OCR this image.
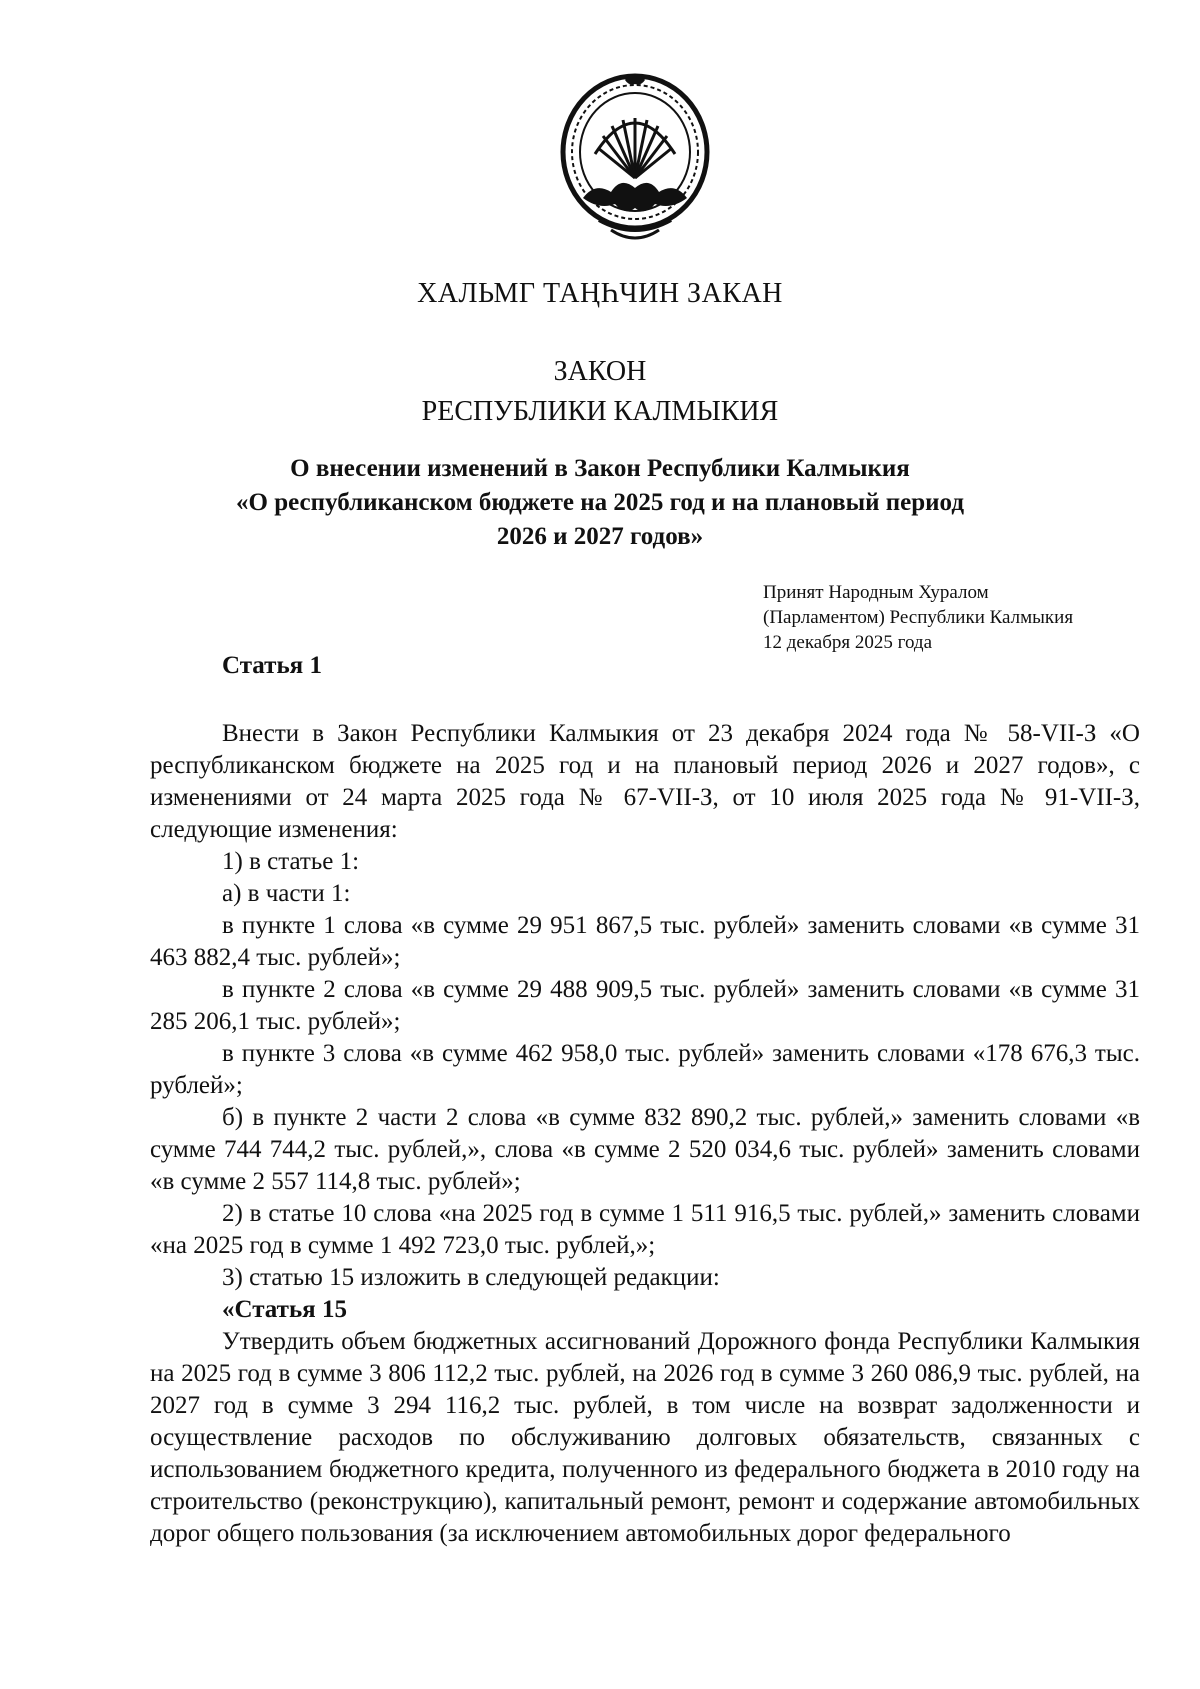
ХАЛЬМГ ТАҢҺЧИН ЗАКАН
ЗАКОН
РЕСПУБЛИКИ КАЛМЫКИЯ
О внесении изменений в Закон Республики Калмыкия
«О республиканском бюджете на 2025 год и на плановый период
2026 и 2027 годов»
Принят Народным Хуралом
(Парламентом) Республики Калмыкия
12 декабря 2025 года
Статья 1

Внести в Закон Республики Калмыкия от 23 декабря 2024 года № 58-VII-З «О республиканском бюджете на 2025 год и на плановый период 2026 и 2027 годов», с изменениями от 24 марта 2025 года № 67-VII-З, от 10 июля 2025 года № 91-VII-З, следующие изменения:

1) в статье 1:

а) в части 1:

в пункте 1 слова «в сумме 29 951 867,5 тыс. рублей» заменить словами «в сумме 31 463 882,4 тыс. рублей»;

в пункте 2 слова «в сумме 29 488 909,5 тыс. рублей» заменить словами «в сумме 31 285 206,1 тыс. рублей»;

в пункте 3 слова «в сумме 462 958,0 тыс. рублей» заменить словами «178 676,3 тыс. рублей»;

б) в пункте 2 части 2 слова «в сумме 832 890,2 тыс. рублей,» заменить словами «в сумме 744 744,2 тыс. рублей,», слова «в сумме 2 520 034,6 тыс. рублей» заменить словами «в сумме 2 557 114,8 тыс. рублей»;

2) в статье 10 слова «на 2025 год в сумме 1 511 916,5 тыс. рублей,» заменить словами «на 2025 год в сумме 1 492 723,0 тыс. рублей,»;

3) статью 15 изложить в следующей редакции:

«Статья 15

Утвердить объем бюджетных ассигнований Дорожного фонда Республики Калмыкия на 2025 год в сумме 3 806 112,2 тыс. рублей, на 2026 год в сумме 3 260 086,9 тыс. рублей, на 2027 год в сумме 3 294 116,2 тыс. рублей, в том числе на возврат задолженности и осуществление расходов по обслуживанию долговых обязательств, связанных с использованием бюджетного кредита, полученного из федерального бюджета в 2010 году на строительство (реконструкцию), капитальный ремонт, ремонт и содержание автомобильных дорог общего пользования (за исключением автомобильных дорог федерального
